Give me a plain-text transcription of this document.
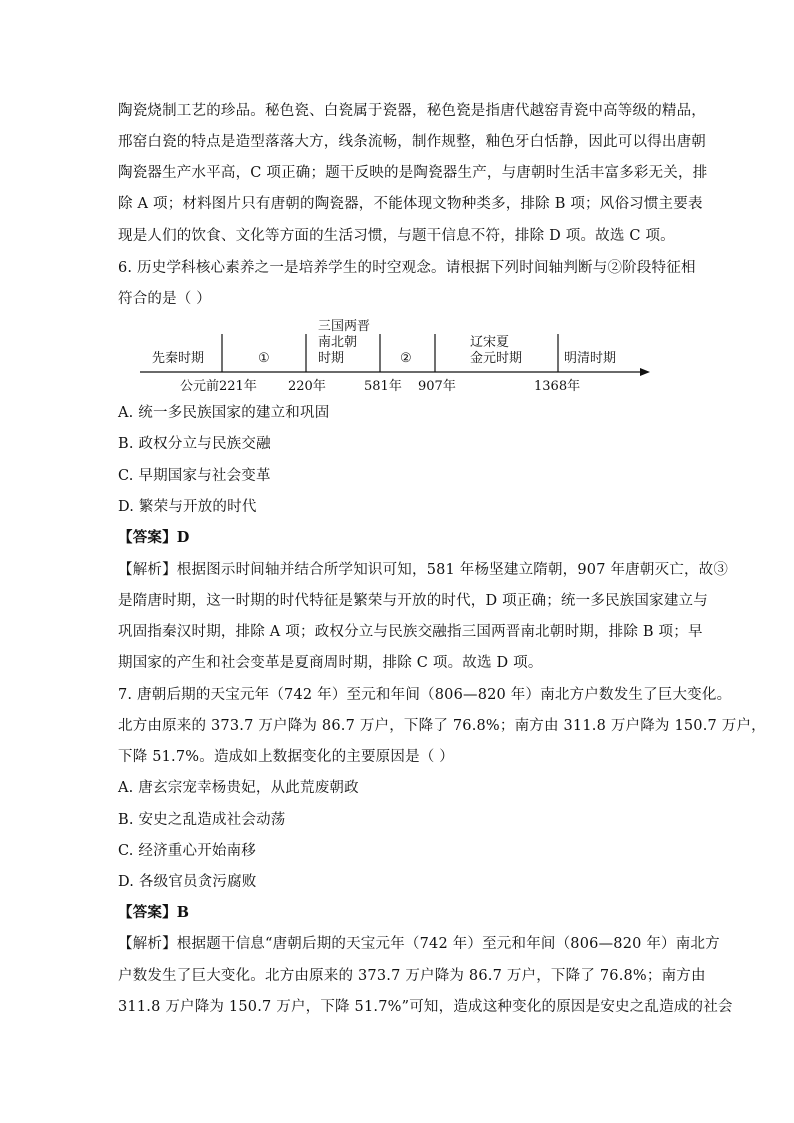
陶瓷烧制工艺的珍品。秘色瓷、白瓷属于瓷器，秘色瓷是指唐代越窑青瓷中高等级的精品，
邢窑白瓷的特点是造型落落大方，线条流畅，制作规整，釉色牙白恬静，因此可以得出唐朝
陶瓷器生产水平高，C 项正确；题干反映的是陶瓷器生产，与唐朝时生活丰富多彩无关，排
除 A 项；材料图片只有唐朝的陶瓷器，不能体现文物种类多，排除 B 项；风俗习惯主要表
现是人们的饮食、文化等方面的生活习惯，与题干信息不符，排除 D 项。故选 C 项。
6. 历史学科核心素养之一是培养学生的时空观念。请根据下列时间轴判断与②阶段特征相
符合的是（ ）
先秦时期	①
三国两晋
南北朝
时期	②
辽宋夏
金元时期	明清时期
公元前221年 220年	581年 907年	1368年
A. 统一多民族国家的建立和巩固
B. 政权分立与民族交融
C. 早期国家与社会变革
D. 繁荣与开放的时代
【答案】D
【解析】根据图示时间轴并结合所学知识可知，581 年杨坚建立隋朝，907 年唐朝灭亡，故③
是隋唐时期，这一时期的时代特征是繁荣与开放的时代，D 项正确；统一多民族国家建立与
巩固指秦汉时期，排除 A 项；政权分立与民族交融指三国两晋南北朝时期，排除 B 项；早
期国家的产生和社会变革是夏商周时期，排除 C 项。故选 D 项。
7. 唐朝后期的天宝元年（742 年）至元和年间（806—820 年）南北方户数发生了巨大变化。
北方由原来的 373.7 万户降为 86.7 万户，下降了 76.8%；南方由 311.8 万户降为 150.7 万户，
下降 51.7%。造成如上数据变化的主要原因是（ ）
A. 唐玄宗宠幸杨贵妃，从此荒废朝政
B. 安史之乱造成社会动荡
C. 经济重心开始南移
D. 各级官员贪污腐败
【答案】B
【解析】根据题干信息“唐朝后期的天宝元年（742 年）至元和年间（806—820 年）南北方
户数发生了巨大变化。北方由原来的 373.7 万户降为 86.7 万户，下降了 76.8%；南方由
311.8 万户降为 150.7 万户，下降 51.7%”可知，造成这种变化的原因是安史之乱造成的社会
